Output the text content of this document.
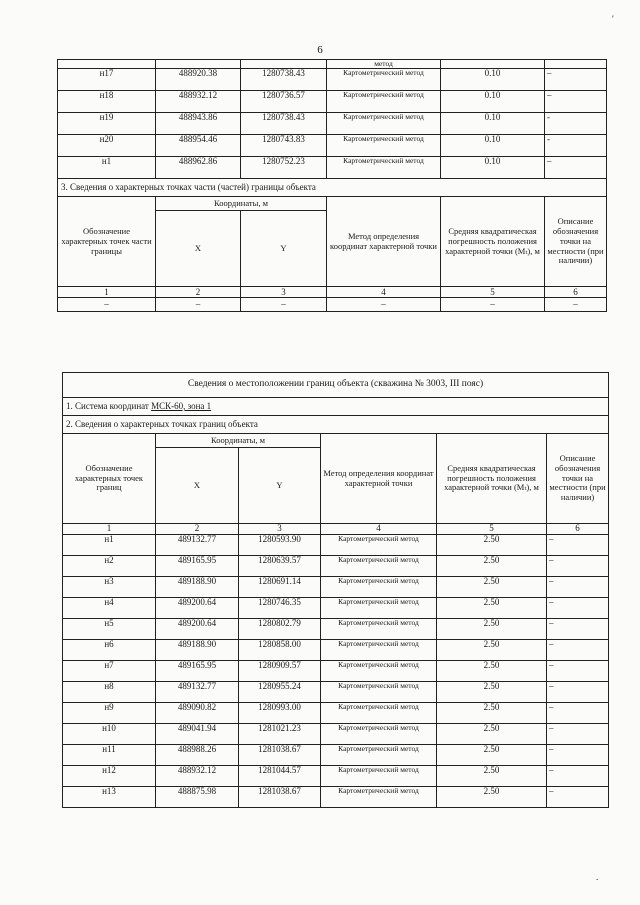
6
′
.
			метод		
н17	488920.38	1280738.43	Картометрический метод	0.10	–
н18	488932.12	1280736.57	Картометрический метод	0.10	–
н19	488943.86	1280738.43	Картометрический метод	0.10	-
н20	488954.46	1280743.83	Картометрический метод	0.10	-
н1	488962.86	1280752.23	Картометрический метод	0.10	–
3. Сведения о характерных точках части (частей) границы объекта					
Обозначение характерных точек части границы	Координаты, м		Метод определения координат характерной точки	Средняя квадратическая погрешность положения характерной точки (Mₜ), м	Описание обозначения точки на местности (при наличии)
	X	Y			
1	2	3	4	5	6
–	–	–	–	–	–
Сведения о местоположении границ объекта (скважина № 3003, III пояс)					
1. Система координат МСК-60, зона 1					
2. Сведения о характерных точках границ объекта					
Обозначение характерных точек границ	Координаты, м		Метод определения координат характерной точки	Средняя квадратическая погрешность положения характерной точки (Mₜ), м	Описание обозначения точки на местности (при наличии)
	X	Y			
1	2	3	4	5	6
н1	489132.77	1280593.90	Картометрический метод	2.50	–
н2	489165.95	1280639.57	Картометрический метод	2.50	–
н3	489188.90	1280691.14	Картометрический метод	2.50	–
н4	489200.64	1280746.35	Картометрический метод	2.50	–
н5	489200.64	1280802.79	Картометрический метод	2.50	–
н6	489188.90	1280858.00	Картометрический метод	2.50	–
н7	489165.95	1280909.57	Картометрический метод	2.50	–
н8	489132.77	1280955.24	Картометрический метод	2.50	–
н9	489090.82	1280993.00	Картометрический метод	2.50	–
н10	489041.94	1281021.23	Картометрический метод	2.50	–
н11	488988.26	1281038.67	Картометрический метод	2.50	–
н12	488932.12	1281044.57	Картометрический метод	2.50	–
н13	488875.98	1281038.67	Картометрический метод	2.50	–
